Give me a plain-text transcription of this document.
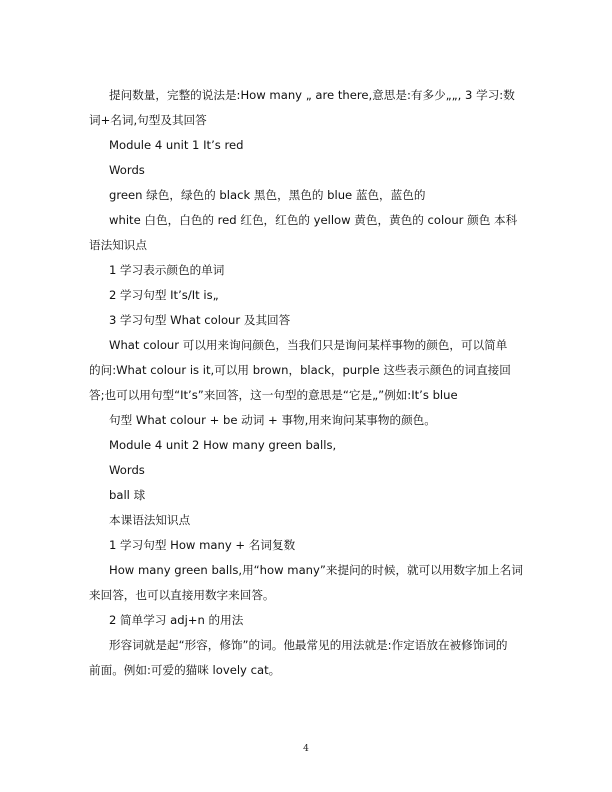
提问数量，完整的说法是:How many „ are there,意思是:有多少„„, 3 学习:数
词+名词,句型及其回答
Module 4 unit 1 It’s red
Words
green 绿色，绿色的 black 黑色，黑色的 blue 蓝色，蓝色的
white 白色，白色的 red 红色，红色的 yellow 黄色，黄色的 colour 颜色 本科
语法知识点
1 学习表示颜色的单词
2 学习句型 It’s/It is„
3 学习句型 What colour 及其回答
What colour 可以用来询问颜色，当我们只是询问某样事物的颜色，可以简单
的问:What colour is it,可以用 brown，black，purple 这些表示颜色的词直接回
答;也可以用句型“It’s”来回答，这一句型的意思是“它是„”例如:It’s blue
句型 What colour + be 动词 + 事物,用来询问某事物的颜色。
Module 4 unit 2 How many green balls,
Words
ball 球
本课语法知识点
1 学习句型 How many + 名词复数
How many green balls,用“how many”来提问的时候，就可以用数字加上名词
来回答，也可以直接用数字来回答。
2 简单学习 adj+n 的用法
形容词就是起“形容，修饰”的词。他最常见的用法就是:作定语放在被修饰词的
前面。例如:可爱的猫咪 lovely cat。
4
